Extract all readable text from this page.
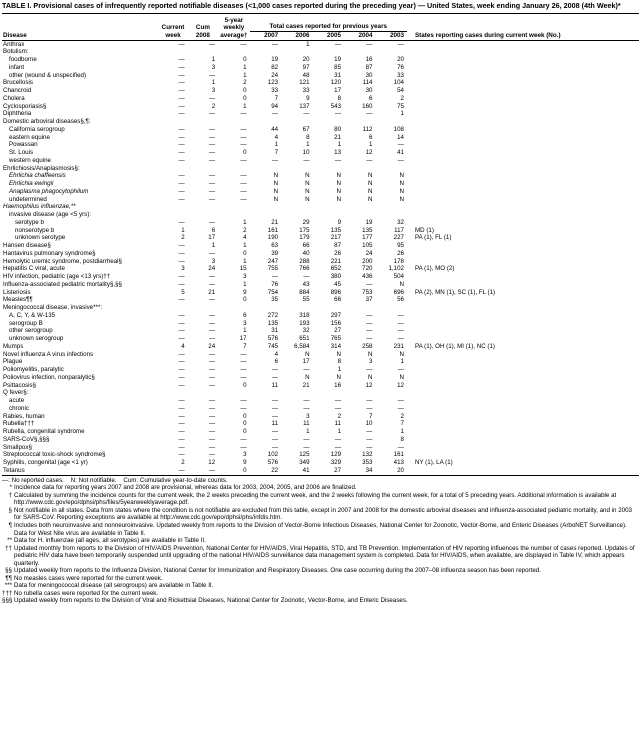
TABLE I. Provisional cases of infrequently reported notifiable diseases (<1,000 cases reported during the preceding year) — United States, week ending January 26, 2008 (4th Week)*
	Current	Cum	5-year
weekly	Total cases reported for previous years					
Disease	week	2008	average†	2007	2006	2005	2004	2003	States reporting cases during current week (No.)
Anthrax	—	—	—	—	1	—	—	—	
Botulism:									
foodborne	—	1	0	19	20	19	16	20	
infant	—	3	1	82	97	85	87	76	
other (wound & unspecified)	—	—	1	24	48	31	30	33	
Brucellosis	—	1	2	123	121	120	114	104	
Chancroid	—	3	0	33	33	17	30	54	
Cholera	—	—	0	7	9	8	6	2	
Cyclosporiasis§	—	2	1	94	137	543	160	75	
Diphtheria	—	—	—	—	—	—	—	1	
Domestic arboviral diseases§,¶:									
California serogroup	—	—	—	44	67	80	112	108	
eastern equine	—	—	—	4	8	21	6	14	
Powassan	—	—	—	1	1	1	1	—	
St. Louis	—	—	0	7	10	13	12	41	
western equine	—	—	—	—	—	—	—	—	
Ehrlichiosis/Anaplasmosis§:									
Ehrlichia chaffeensis	—	—	—	N	N	N	N	N	
Ehrlichia ewingii	—	—	—	N	N	N	N	N	
Anaplasma phagocytophilum	—	—	—	N	N	N	N	N	
undetermined	—	—	—	N	N	N	N	N	
Haemophilus influenzae,**									
invasive disease (age <5 yrs):									
serotype b	—	—	1	21	29	9	19	32	
nonserotype b	1	6	2	161	175	135	135	117	MD (1)
unknown serotype	2	17	4	190	179	217	177	227	PA (1), FL (1)
Hansen disease§	—	1	1	63	66	87	105	95	
Hantavirus pulmonary syndrome§	—	—	0	39	40	26	24	26	
Hemolytic uremic syndrome, postdiarrheal§	—	3	1	247	288	221	200	178	
Hepatitis C viral, acute	3	24	15	755	766	652	720	1,102	PA (1), MO (2)
HIV infection, pediatric (age <13 yrs)††	—	—	3	—	—	380	436	504	
Influenza-associated pediatric mortality§,§§	—	—	1	76	43	45	—	N	
Listeriosis	5	21	9	754	884	896	753	696	PA (2), MN (1), SC (1), FL (1)
Measles¶¶	—	—	0	35	55	66	37	56	
Meningococcal disease, invasive***:									
A, C, Y, & W-135	—	—	6	272	318	297	—	—	
serogroup B	—	—	3	135	193	156	—	—	
other serogroup	—	—	1	31	32	27	—	—	
unknown serogroup	—	—	17	576	651	765	—	—	
Mumps	4	24	7	745	6,584	314	258	231	PA (1), OH (1), MI (1), NC (1)
Novel influenza A virus infections	—	—	—	4	N	N	N	N	
Plague	—	—	—	6	17	8	3	1	
Poliomyelitis, paralytic	—	—	—	—	—	1	—	—	
Poliovirus infection, nonparalytic§	—	—	—	—	N	N	N	N	
Psittacosis§	—	—	0	11	21	16	12	12	
Q fever§:									
acute	—	—	—	—	—	—	—	—	
chronic	—	—	—	—	—	—	—	—	
Rabies, human	—	—	0	—	3	2	7	2	
Rubella†††	—	—	0	11	11	11	10	7	
Rubella, congenital syndrome	—	—	0	—	1	1	—	1	
SARS-CoV§,§§§	—	—	—	—	—	—	—	8	
Smallpox§	—	—	—	—	—	—	—	—	
Streptococcal toxic-shock syndrome§	—	—	3	102	125	129	132	161	
Syphilis, congenital (age <1 yr)	2	12	9	576	349	329	353	413	NY (1), LA (1)
Tetanus	—	—	0	22	41	27	34	20	
—: No reported cases.    N: Not notifiable.    Cum: Cumulative year-to-date counts.
* Incidence data for reporting years 2007 and 2008 are provisional, whereas data for 2003, 2004, 2005, and 2006 are finalized.
† Calculated by summing the incidence counts for the current week, the 2 weeks preceding the current week, and the 2 weeks following the current week, for a total of 5 preceding years. Additional information is available at http://www.cdc.gov/epo/dphsi/phs/files/5yearweeklyaverage.pdf.
§ Not notifiable in all states. Data from states where the condition is not notifiable are excluded from this table, except in 2007 and 2008 for the domestic arboviral diseases and influenza-associated pediatric mortality, and in 2003 for SARS-CoV. Reporting exceptions are available at http://www.cdc.gov/epo/dphsi/phs/infdis.htm.
¶ Includes both neuroinvasive and nonneuroinvasive. Updated weekly from reports to the Division of Vector-Borne Infectious Diseases, National Center for Zoonotic, Vector-Borne, and Enteric Diseases (ArboNET Surveillance). Data for West Nile virus are available in Table II.
** Data for H. influenzae (all ages, all serotypes) are available in Table II.
†† Updated monthly from reports to the Division of HIV/AIDS Prevention, National Center for HIV/AIDS, Viral Hepatitis, STD, and TB Prevention. Implementation of HIV reporting influences the number of cases reported. Updates of pediatric HIV data have been temporarily suspended until upgrading of the national HIV/AIDS surveillance data management system is completed. Data for HIV/AIDS, when available, are displayed in Table IV, which appears quarterly.
§§ Updated weekly from reports to the Influenza Division, National Center for Immunization and Respiratory Diseases. One case occurring during the 2007–08 influenza season has been reported.
¶¶ No measles cases were reported for the current week.
*** Data for meningococcal disease (all serogroups) are available in Table II.
††† No rubella cases were reported for the current week.
§§§ Updated weekly from reports to the Division of Viral and Rickettsial Diseases, National Center for Zoonotic, Vector-Borne, and Enteric Diseases.
